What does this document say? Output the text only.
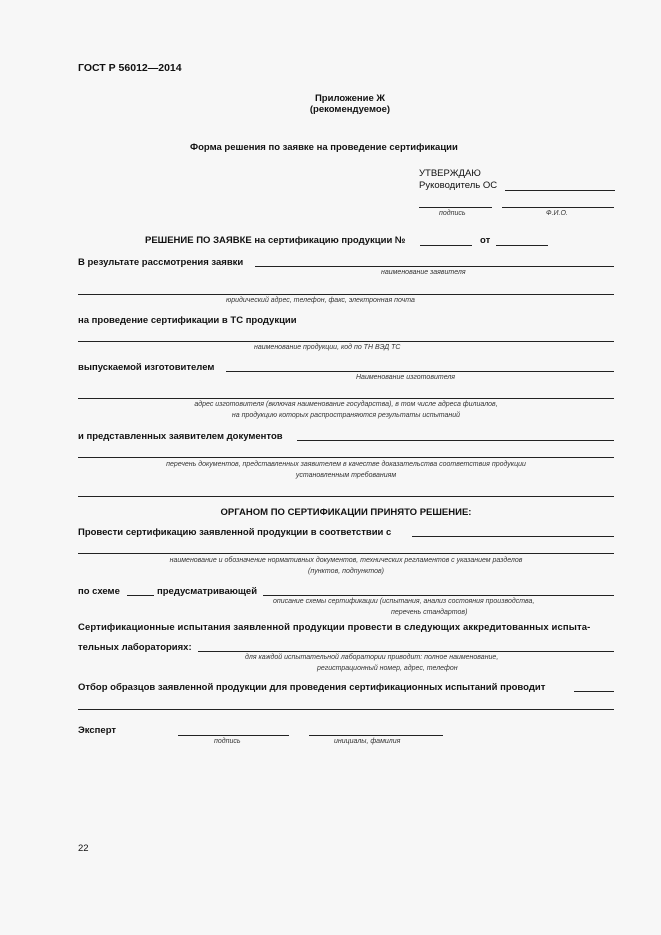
ГОСТ Р 56012—2014
Приложение Ж
(рекомендуемое)
Форма решения по заявке на проведение сертификации
УТВЕРЖДАЮ
Руководитель ОС
подпись	Ф.И.О.
РЕШЕНИЕ ПО ЗАЯВКЕ на сертификацию продукции №	от
В результате рассмотрения заявки
наименование заявителя
юридический адрес, телефон, факс, электронная почта
на проведение сертификации в ТС продукции
наименование продукции, код по ТН ВЭД ТС
выпускаемой изготовителем
Наименование изготовителя
адрес изготовителя (включая наименование государства), в том числе адреса филиалов,
на продукцию которых распространяются результаты испытаний
и представленных заявителем документов
перечень документов, представленных заявителем в качестве доказательства соответствия продукции
установленным требованиям
ОРГАНОМ ПО СЕРТИФИКАЦИИ ПРИНЯТО РЕШЕНИЕ:
Провести сертификацию заявленной продукции в соответствии с
наименование и обозначение нормативных документов, технических регламентов с указанием разделов
(пунктов, подпунктов)
по схеме	предусматривающей
описание схемы сертификации (испытания, анализ состояния производства,
перечень стандартов)
Сертификационные испытания заявленной продукции провести в следующих аккредитованных испыта-
тельных лабораториях:
для каждой испытательной лаборатории приводит: полное наименование,
регистрационный номер, адрес, телефон
Отбор образцов заявленной продукции для проведения сертификационных испытаний проводит
Эксперт
подпись	инициалы, фамилия
22
